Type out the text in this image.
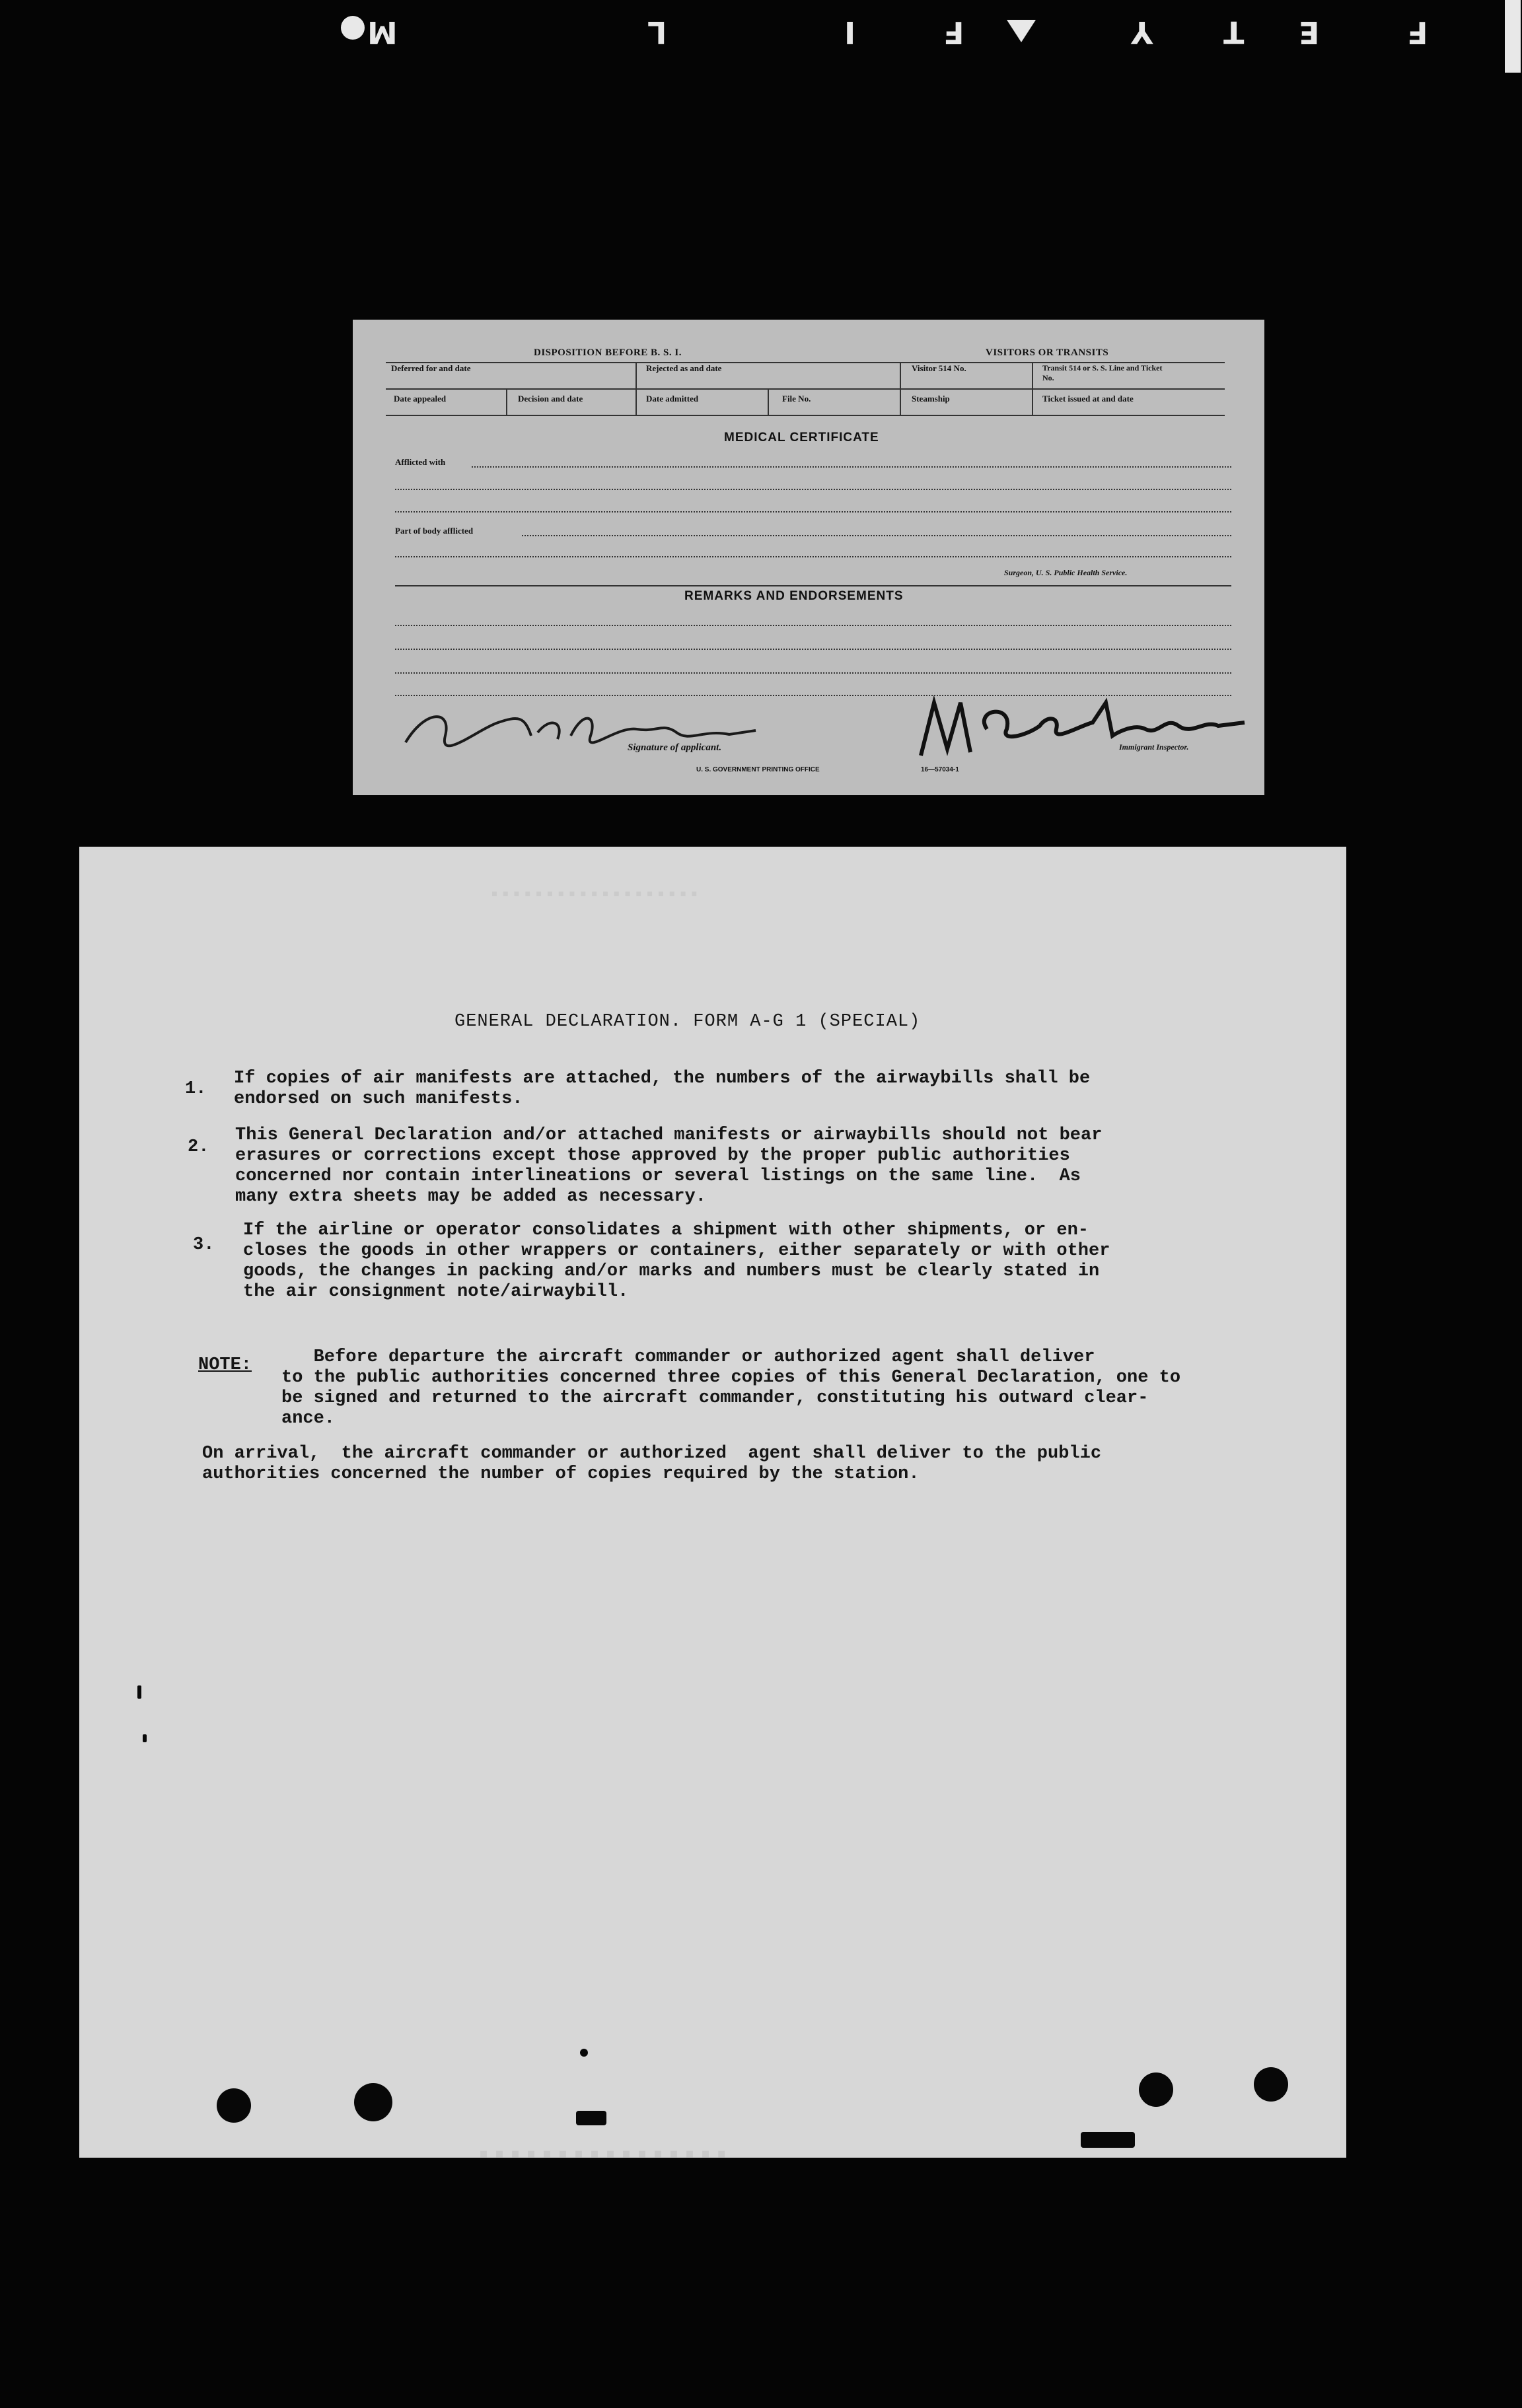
M	L	I	F	Y T E	F
DISPOSITION BEFORE B. S. I.	VISITORS OR TRANSITS
Deferred for and date	Rejected as and date	Visitor 514 No.	Transit 514 or S. S. Line and Ticket No.
Date appealed	Decision and date	Date admitted	File No.	Steamship	Ticket issued at and date
MEDICAL CERTIFICATE
Afflicted with
Part of body afflicted
Surgeon, U. S. Public Health Service.
REMARKS AND ENDORSEMENTS
Signature of applicant.	Immigrant Inspector.
U. S. GOVERNMENT PRINTING OFFICE	16—57034-1
▪▪▪▪▪▪▪▪▪▪▪▪▪▪▪▪▪▪▪
▪▪▪▪▪▪▪▪▪▪▪▪▪▪▪▪
GENERAL DECLARATION. FORM A-G 1 (SPECIAL)
1.
If copies of air manifests are attached, the numbers of the airwaybills shall be
endorsed on such manifests.
2.
This General Declaration and/or attached manifests or airwaybills should not bear
erasures or corrections except those approved by the proper public authorities
concerned nor contain interlineations or several listings on the same line.  As
many extra sheets may be added as necessary.
3.
If the airline or operator consolidates a shipment with other shipments, or en-
closes the goods in other wrappers or containers, either separately or with other
goods, the changes in packing and/or marks and numbers must be clearly stated in
the air consignment note/airwaybill.
NOTE:	Before departure the aircraft commander or authorized agent shall deliver
to the public authorities concerned three copies of this General Declaration, one to
be signed and returned to the aircraft commander, constituting his outward clear-
ance.
On arrival,  the aircraft commander or authorized  agent shall deliver to the public
authorities concerned the number of copies required by the station.
